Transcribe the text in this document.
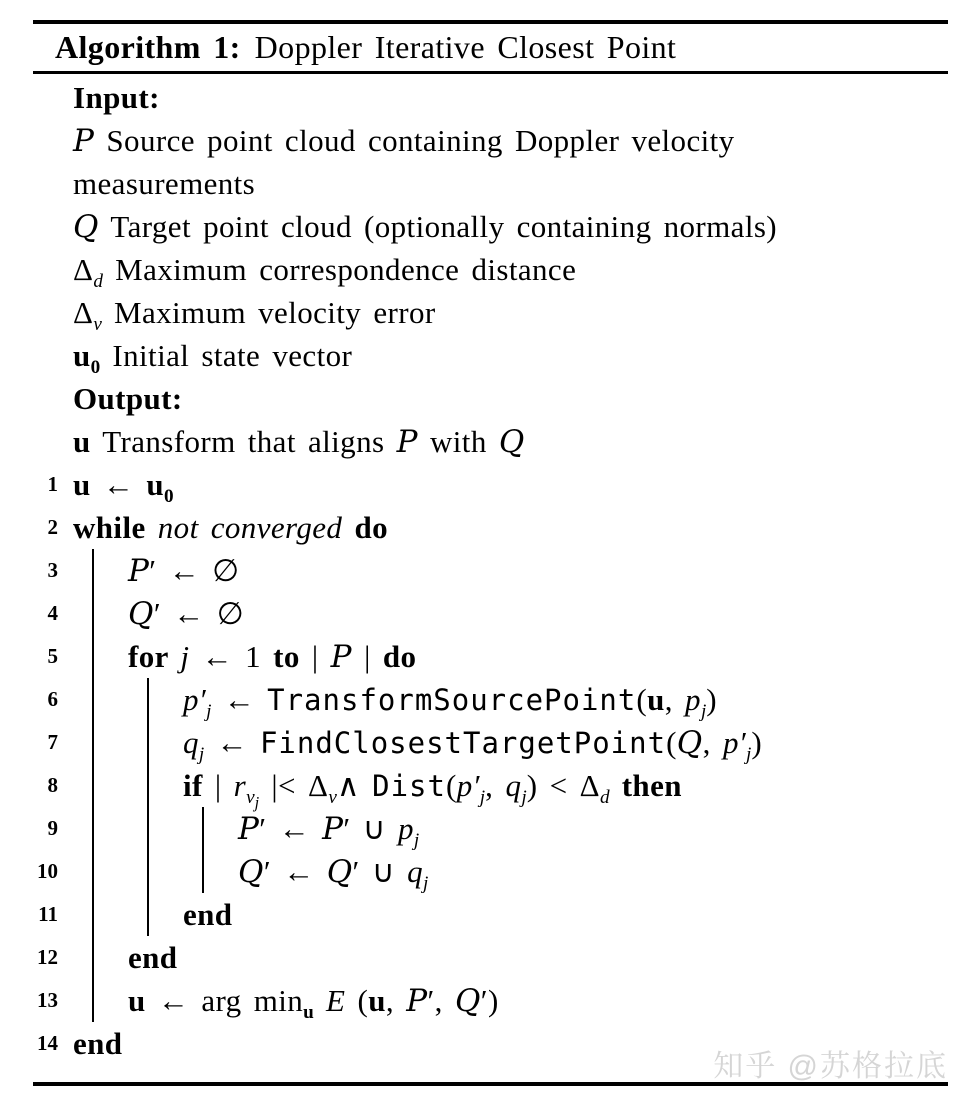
Algorithm 1: Doppler Iterative Closest Point
Input:
P Source point cloud containing Doppler velocity
measurements
Q Target point cloud (optionally containing normals)
$\Delta_d$ Maximum correspondence distance
$\Delta_v$ Maximum velocity error
$u_0$ Initial state vector
Output:
u Transform that aligns P with Q
1 u ← $u_0$
2 while not converged do
3 P′ ← ∅
4 Q′ ← ∅
5 for j ← 1 to | P | do
6	$p'_j$ ← TransformSourcePoint(u, $p_j$)
7	$q_j$ ← FindClosestTargetPoint(Q, $p'_j$)
8	if | $r_{v_j}$ |< $\Delta_v\wedge$ $Dist(p'_j$, $q_j) < \Delta_d$ then
9	P′ ← P′ ∪ $p_j$
10	Q′ ← Q′ ∪ $q_j$
11	end
12 end
13 u ← arg $\min_u E$ (u, P′, Q′)
14 end
知乎 @苏格拉底
